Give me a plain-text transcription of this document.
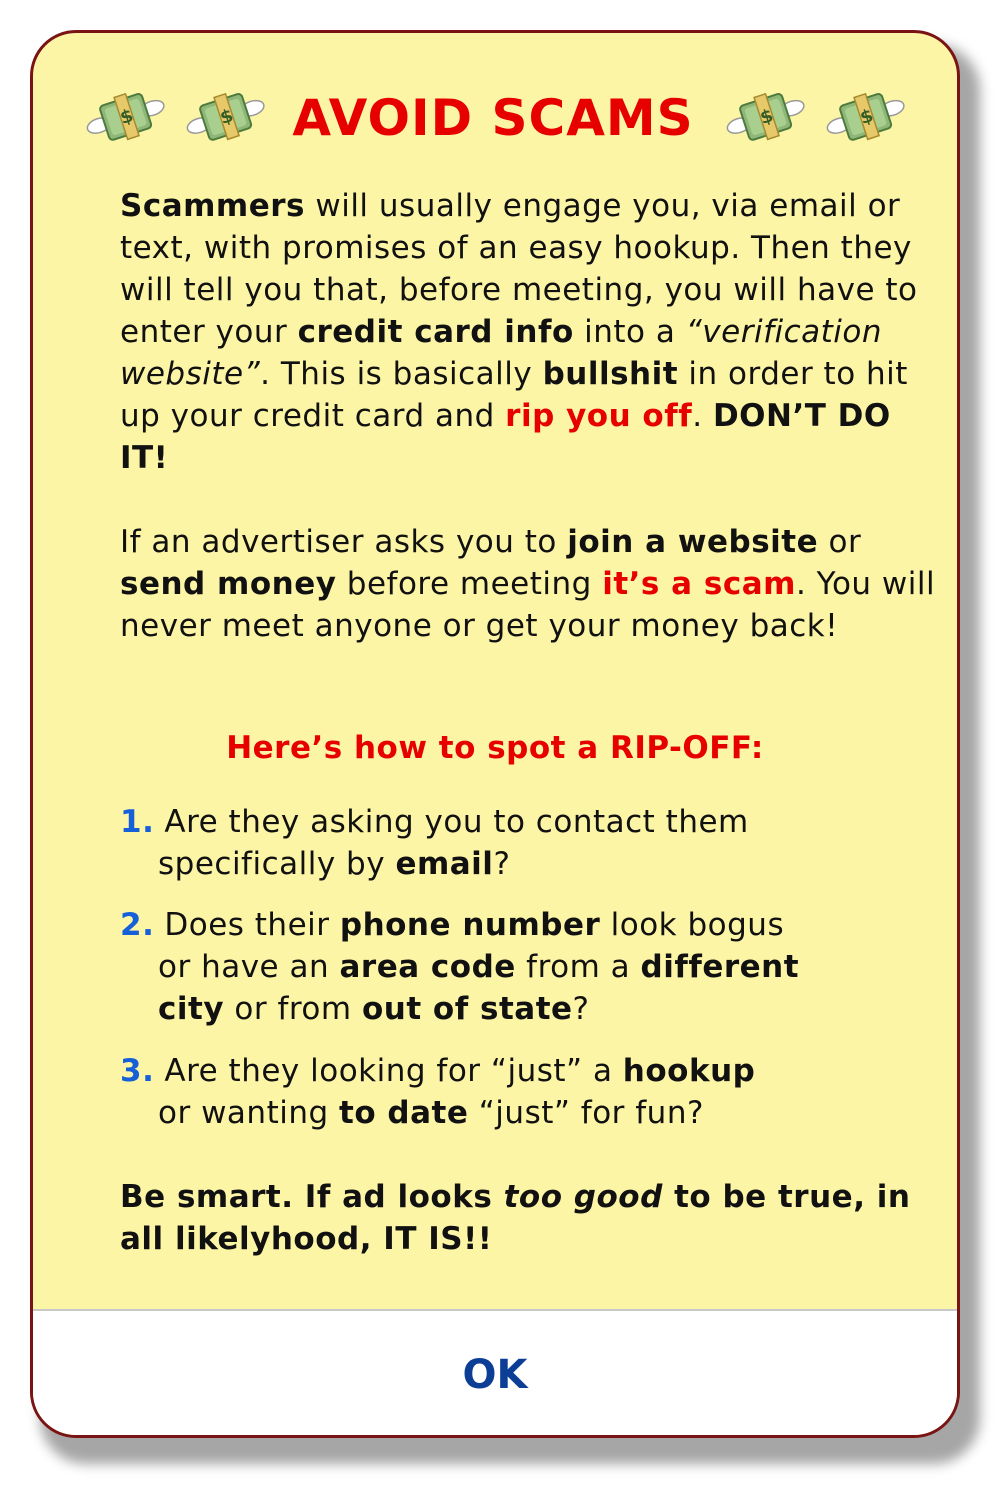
$	$ AVOID SCAMS	$	$
Scammers will usually engage you, via email or text, with promises of an easy hookup. Then they will tell you that, before meeting, you will have to enter your credit card info into a “verification website”. This is basically bullshit in order to hit up your credit card and rip you off. DON’T DO IT!
If an advertiser asks you to join a website or send money before meeting it’s a scam. You will never meet anyone or get your money back!
Here’s how to spot a RIP-OFF:
1. Are they asking you to contact them
specifically by email?
2. Does their phone number look bogus
or have an area code from a different
city or from out of state?
3. Are they looking for “just” a hookup
or wanting to date “just” for fun?
Be smart. If ad looks too good to be true, in all likelyhood, IT IS!!
OK
